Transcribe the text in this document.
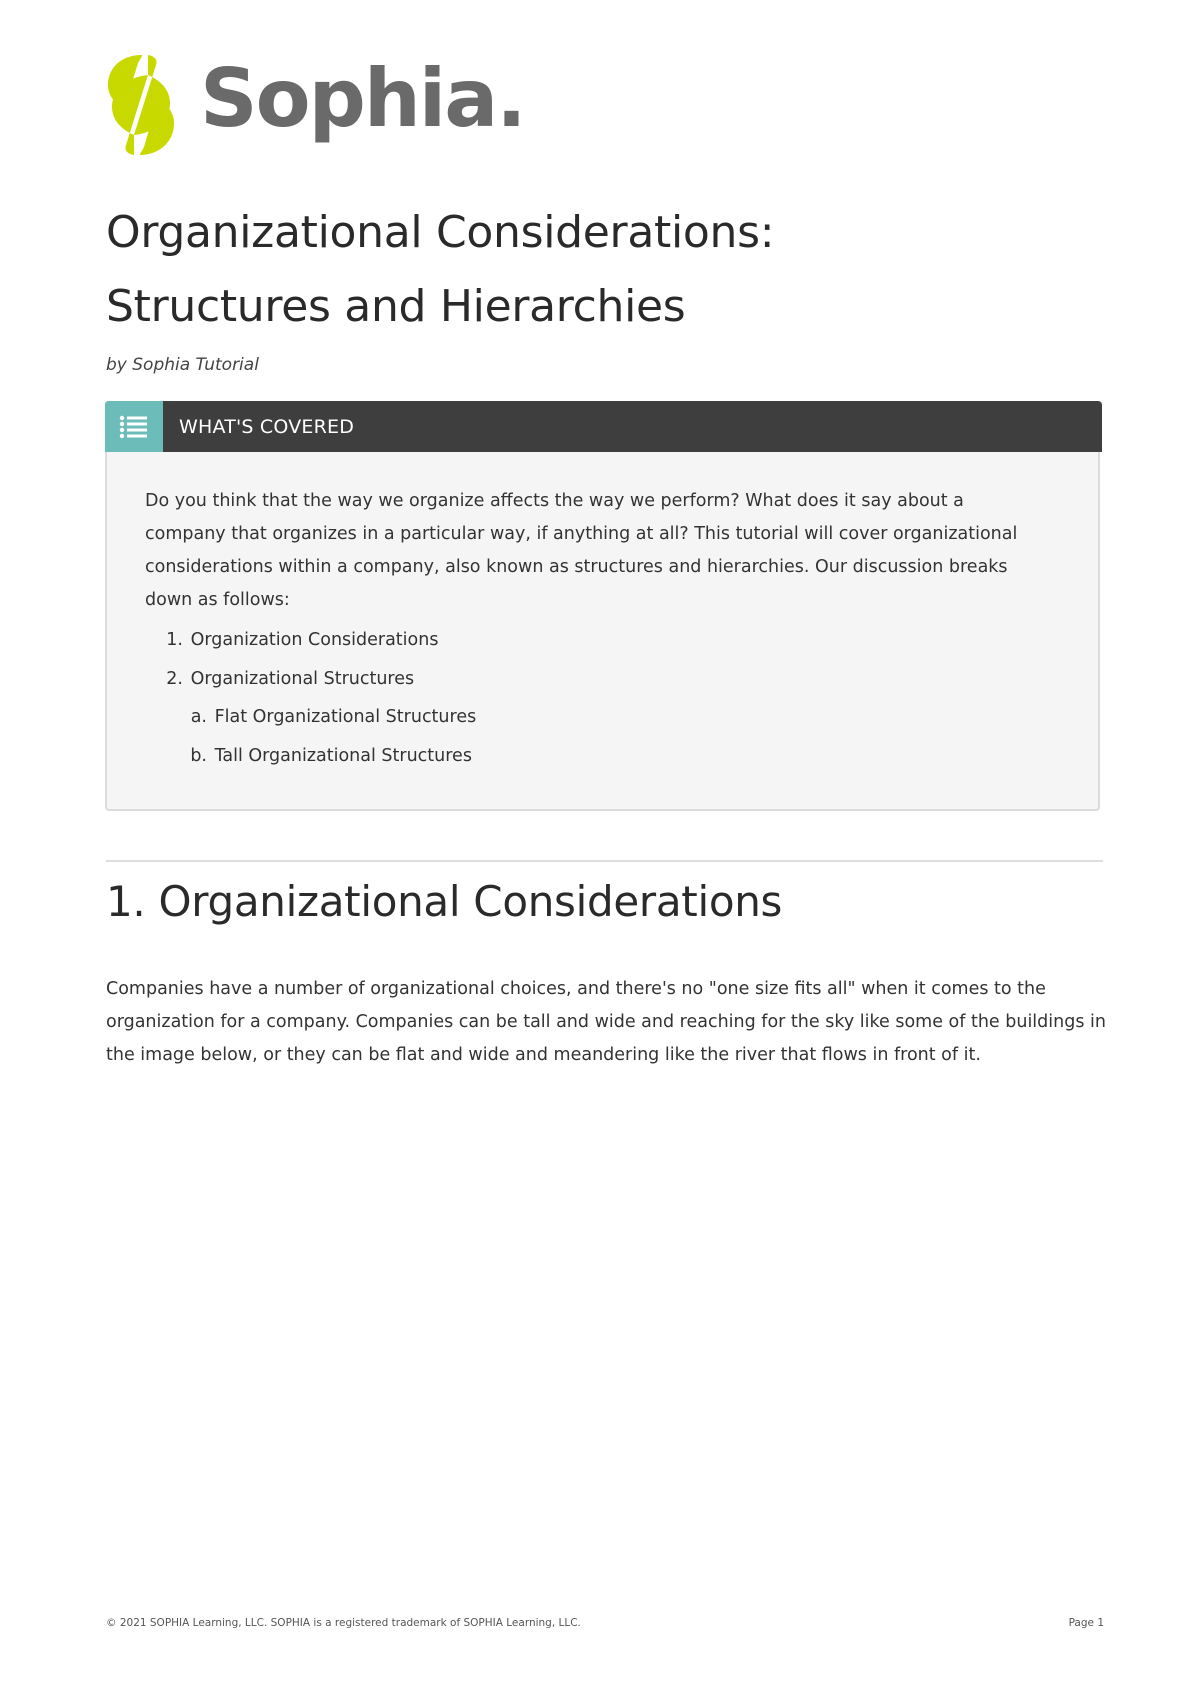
Sophia.
Organizational Considerations:
Structures and Hierarchies
by Sophia Tutorial
WHAT'S COVERED

Do you think that the way we organize affects the way we perform? What does it say about a company that organizes in a particular way, if anything at all? This tutorial will cover organizational considerations within a company, also known as structures and hierarchies. Our discussion breaks down as follows:

1. Organization Considerations
2. Organizational Structures
a. Flat Organizational Structures
b. Tall Organizational Structures
1. Organizational Considerations

Companies have a number of organizational choices, and there's no "one size fits all" when it comes to the organization for a company. Companies can be tall and wide and reaching for the sky like some of the buildings in the image below, or they can be flat and wide and meandering like the river that flows in front of it.

© 2021 SOPHIA Learning, LLC. SOPHIA is a registered trademark of SOPHIA Learning, LLC.	Page 1
